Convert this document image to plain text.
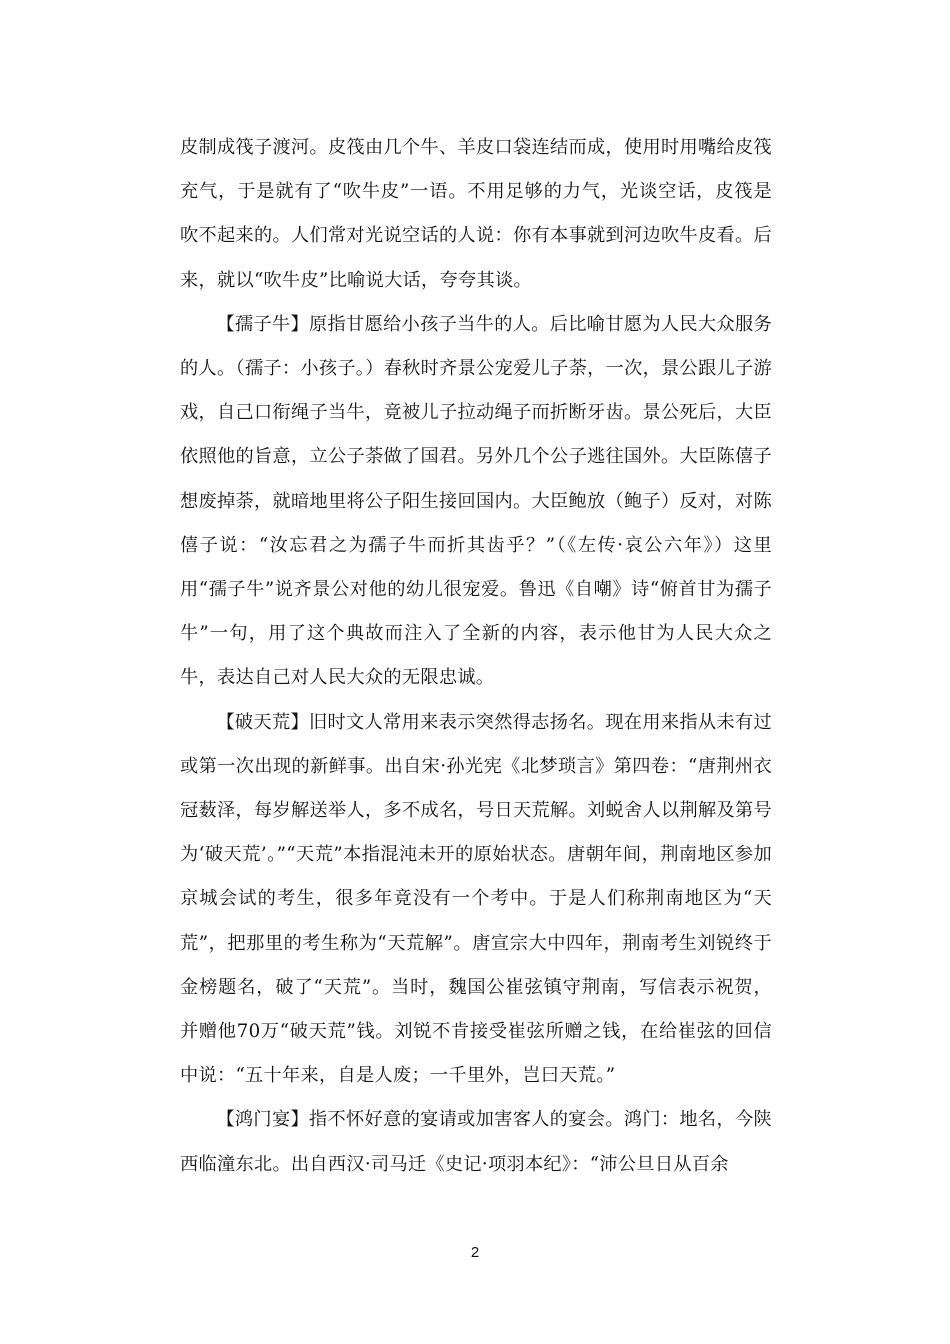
皮制成筏子渡河。皮筏由几个牛、羊皮口袋连结而成，使用时用嘴给皮筏充气，于是就有了“吹牛皮”一语。不用足够的力气，光谈空话，皮筏是吹不起来的。人们常对光说空话的人说：你有本事就到河边吹牛皮看。后来，就以“吹牛皮”比喻说大话，夸夸其谈。

【孺子牛】原指甘愿给小孩子当牛的人。后比喻甘愿为人民大众服务的人。（孺子：小孩子。）春秋时齐景公宠爱儿子荼，一次，景公跟儿子游戏，自己口衔绳子当牛，竟被儿子拉动绳子而折断牙齿。景公死后，大臣依照他的旨意，立公子荼做了国君。另外几个公子逃往国外。大臣陈僖子想废掉荼，就暗地里将公子阳生接回国内。大臣鲍放（鲍子）反对，对陈僖子说：“汝忘君之为孺子牛而折其齿乎？”（《左传·哀公六年》）这里用“孺子牛”说齐景公对他的幼儿很宠爱。鲁迅《自嘲》诗“俯首甘为孺子牛”一句，用了这个典故而注入了全新的内容，表示他甘为人民大众之牛，表达自己对人民大众的无限忠诚。

【破天荒】旧时文人常用来表示突然得志扬名。现在用来指从未有过或第一次出现的新鲜事。出自宋·孙光宪《北梦琐言》第四卷：“唐荆州衣冠薮泽，每岁解送举人，多不成名，号日天荒解。刘蜕舍人以荆解及第号为‘破天荒’。”“天荒”本指混沌未开的原始状态。唐朝年间，荆南地区参加京城会试的考生，很多年竟没有一个考中。于是人们称荆南地区为“天荒”，把那里的考生称为“天荒解”。唐宣宗大中四年，荆南考生刘锐终于金榜题名，破了“天荒”。当时，魏国公崔弦镇守荆南，写信表示祝贺，并赠他70万“破天荒”钱。刘锐不肯接受崔弦所赠之钱，在给崔弦的回信中说：“五十年来，自是人废；一千里外，岂曰天荒。”

【鸿门宴】指不怀好意的宴请或加害客人的宴会。鸿门：地名，今陕西临潼东北。出自西汉·司马迁《史记·项羽本纪》：“沛公旦日从百余

2
